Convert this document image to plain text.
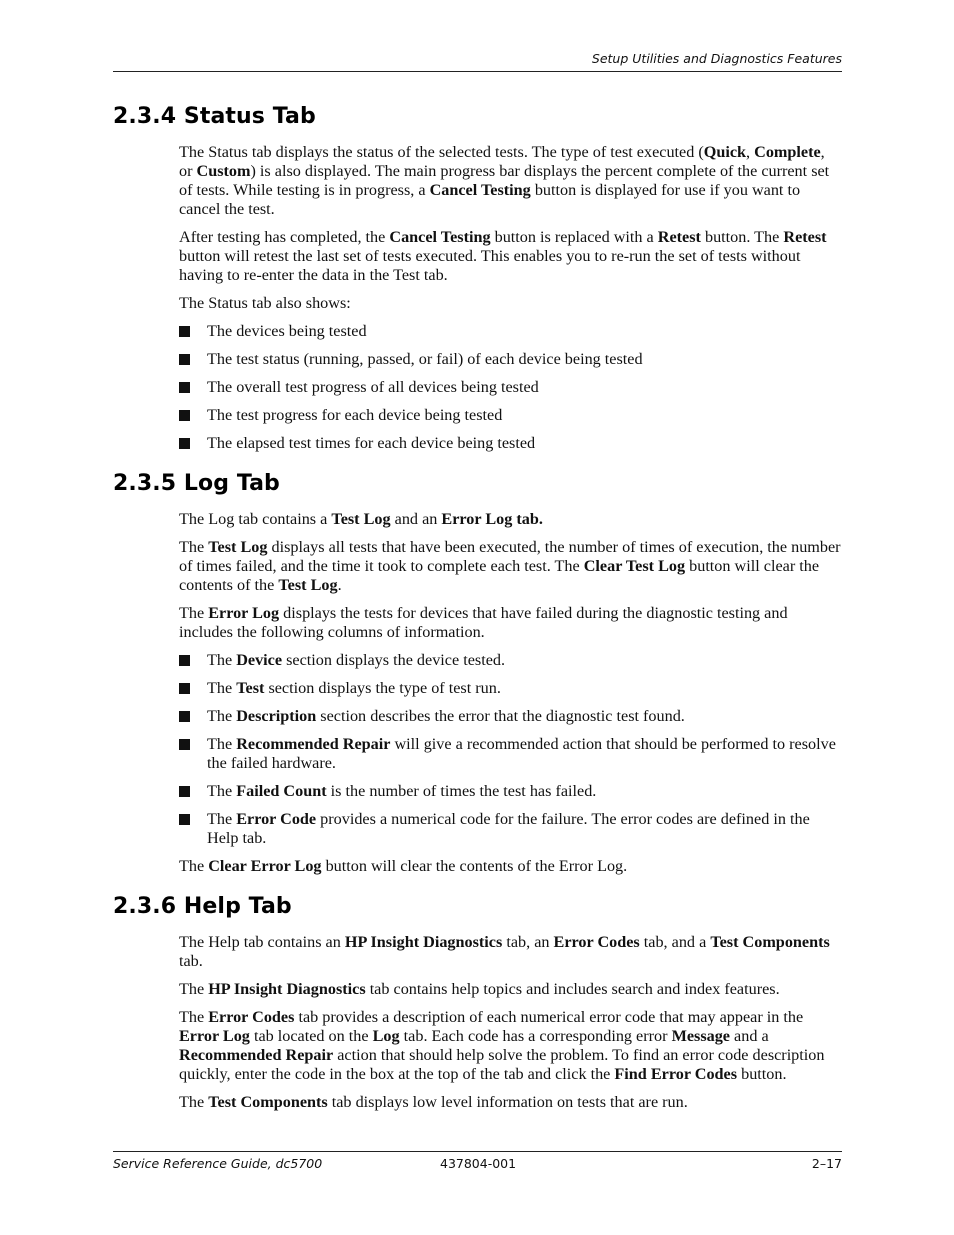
Setup Utilities and Diagnostics Features
2.3.4 Status Tab

The Status tab displays the status of the selected tests. The type of test executed (Quick, Complete, or Custom) is also displayed. The main progress bar displays the percent complete of the current set of tests. While testing is in progress, a Cancel Testing button is displayed for use if you want to cancel the test.

After testing has completed, the Cancel Testing button is replaced with a Retest button. The Retest button will retest the last set of tests executed. This enables you to re-run the set of tests without having to re-enter the data in the Test tab.

The Status tab also shows:

The devices being tested
The test status (running, passed, or fail) of each device being tested
The overall test progress of all devices being tested
The test progress for each device being tested
The elapsed test times for each device being tested
2.3.5 Log Tab

The Log tab contains a Test Log and an Error Log tab.

The Test Log displays all tests that have been executed, the number of times of execution, the number of times failed, and the time it took to complete each test. The Clear Test Log button will clear the contents of the Test Log.

The Error Log displays the tests for devices that have failed during the diagnostic testing and includes the following columns of information.

The Device section displays the device tested.
The Test section displays the type of test run.
The Description section describes the error that the diagnostic test found.
The Recommended Repair will give a recommended action that should be performed to resolve the failed hardware.
The Failed Count is the number of times the test has failed.
The Error Code provides a numerical code for the failure. The error codes are defined in the Help tab.

The Clear Error Log button will clear the contents of the Error Log.

2.3.6 Help Tab

The Help tab contains an HP Insight Diagnostics tab, an Error Codes tab, and a Test Components tab.

The HP Insight Diagnostics tab contains help topics and includes search and index features.

The Error Codes tab provides a description of each numerical error code that may appear in the Error Log tab located on the Log tab. Each code has a corresponding error Message and a Recommended Repair action that should help solve the problem. To find an error code description quickly, enter the code in the box at the top of the tab and click the Find Error Codes button.

The Test Components tab displays low level information on tests that are run.

Service Reference Guide, dc5700	437804-001	2–17
